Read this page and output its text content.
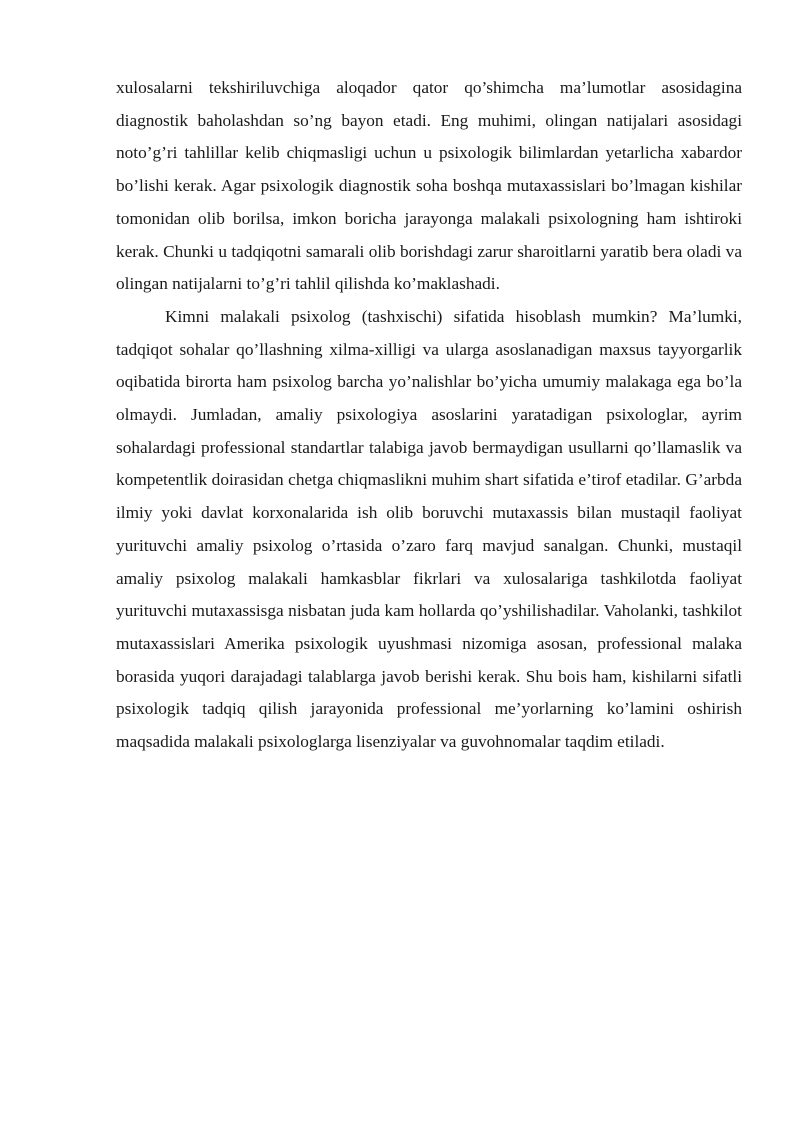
xulosalarni tekshiriluvchiga aloqador qator qo’shimcha ma’lumotlar asosidagina diagnostik baholashdan so’ng bayon etadi. Eng muhimi, olingan natijalari asosidagi noto’g’ri tahlillar kelib chiqmasligi uchun u psixologik bilimlardan yetarlicha xabardor bo’lishi kerak. Agar psixologik diagnostik soha boshqa mutaxassislari bo’lmagan kishilar tomonidan olib borilsa, imkon boricha jarayonga malakali psixologning ham ishtiroki kerak. Chunki u tadqiqotni samarali olib borishdagi zarur sharoitlarni yaratib bera oladi va olingan natijalarni to’g’ri tahlil qilishda ko’maklashadi.

Kimni malakali psixolog (tashxischi) sifatida hisoblash mumkin? Ma’lumki, tadqiqot sohalar qo’llashning xilma-xilligi va ularga asoslanadigan maxsus tayyorgarlik oqibatida birorta ham psixolog barcha yo’nalishlar bo’yicha umumiy malakaga ega bo’la olmaydi. Jumladan, amaliy psixologiya asoslarini yaratadigan psixologlar, ayrim sohalardagi professional standartlar talabiga javob bermaydigan usullarni qo’llamaslik va kompetentlik doirasidan chetga chiqmaslikni muhim shart sifatida e’tirof etadilar. G’arbda ilmiy yoki davlat korxonalarida ish olib boruvchi mutaxassis bilan mustaqil faoliyat yurituvchi amaliy psixolog o’rtasida o’zaro farq mavjud sanalgan. Chunki, mustaqil amaliy psixolog malakali hamkasblar fikrlari va xulosalariga tashkilotda faoliyat yurituvchi mutaxassisga nisbatan juda kam hollarda qo’yshilishadilar. Vaholanki, tashkilot mutaxassislari Amerika psixologik uyushmasi nizomiga asosan, professional malaka borasida yuqori darajadagi talablarga javob berishi kerak. Shu bois ham, kishilarni sifatli psixologik tadqiq qilish jarayonida professional me’yorlarning ko’lamini oshirish maqsadida malakali psixologlarga lisenziyalar va guvohnomalar taqdim etiladi.
